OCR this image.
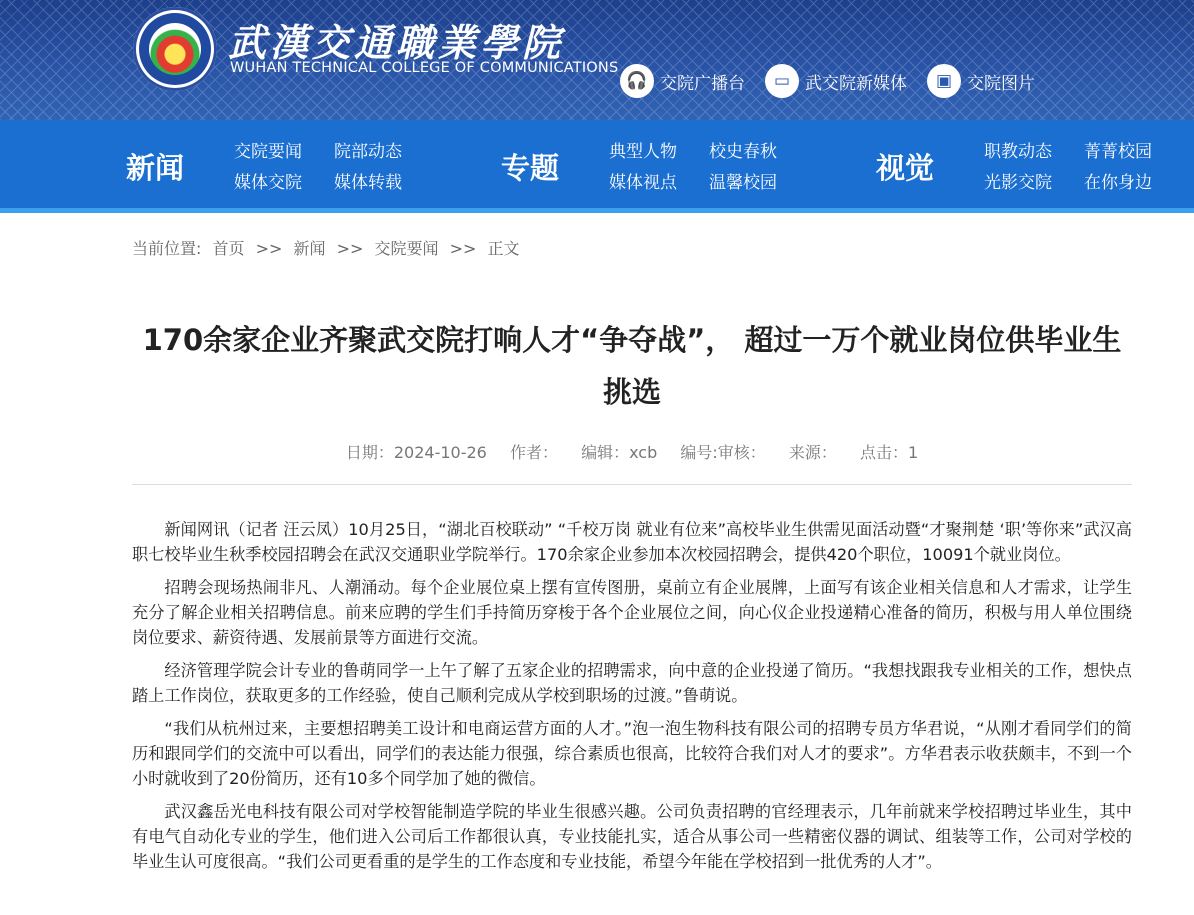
武漢交通職業學院
WUHAN TECHNICAL COLLEGE OF COMMUNICATIONS
🎧 交院广播台	▭ 武交院新媒体	▣ 交院图片
新闻	交院要闻 院部动态
媒体交院 媒体转载	专题	典型人物 校史春秋
媒体视点 温馨校园	视觉	职教动态 菁菁校园
光影交院 在你身边
当前位置: 首页 >> 新闻 >> 交院要闻 >> 正文
170余家企业齐聚武交院打响人才“争夺战”， 超过一万个就业岗位供毕业生挑选
日期：2024-10-26 作者： 编辑：xcb 编号:审核： 来源： 点击：1

新闻网讯（记者 汪云凤）10月25日，“湖北百校联动” “千校万岗 就业有位来”高校毕业生供需见面活动暨“才聚荆楚 ‘职’等你来”武汉高职七校毕业生秋季校园招聘会在武汉交通职业学院举行。170余家企业参加本次校园招聘会，提供420个职位，10091个就业岗位。

招聘会现场热闹非凡、人潮涌动。每个企业展位桌上摆有宣传图册，桌前立有企业展牌，上面写有该企业相关信息和人才需求，让学生充分了解企业相关招聘信息。前来应聘的学生们手持简历穿梭于各个企业展位之间，向心仪企业投递精心准备的简历，积极与用人单位围绕岗位要求、薪资待遇、发展前景等方面进行交流。

经济管理学院会计专业的鲁萌同学一上午了解了五家企业的招聘需求，向中意的企业投递了简历。“我想找跟我专业相关的工作，想快点踏上工作岗位，获取更多的工作经验，使自己顺利完成从学校到职场的过渡。”鲁萌说。

“我们从杭州过来，主要想招聘美工设计和电商运营方面的人才。”泡一泡生物科技有限公司的招聘专员方华君说，“从刚才看同学们的简历和跟同学们的交流中可以看出，同学们的表达能力很强，综合素质也很高，比较符合我们对人才的要求”。方华君表示收获颇丰，不到一个小时就收到了20份简历，还有10多个同学加了她的微信。

武汉鑫岳光电科技有限公司对学校智能制造学院的毕业生很感兴趣。公司负责招聘的官经理表示，几年前就来学校招聘过毕业生，其中有电气自动化专业的学生，他们进入公司后工作都很认真，专业技能扎实，适合从事公司一些精密仪器的调试、组装等工作，公司对学校的毕业生认可度很高。“我们公司更看重的是学生的工作态度和专业技能，希望今年能在学校招到一批优秀的人才”。
